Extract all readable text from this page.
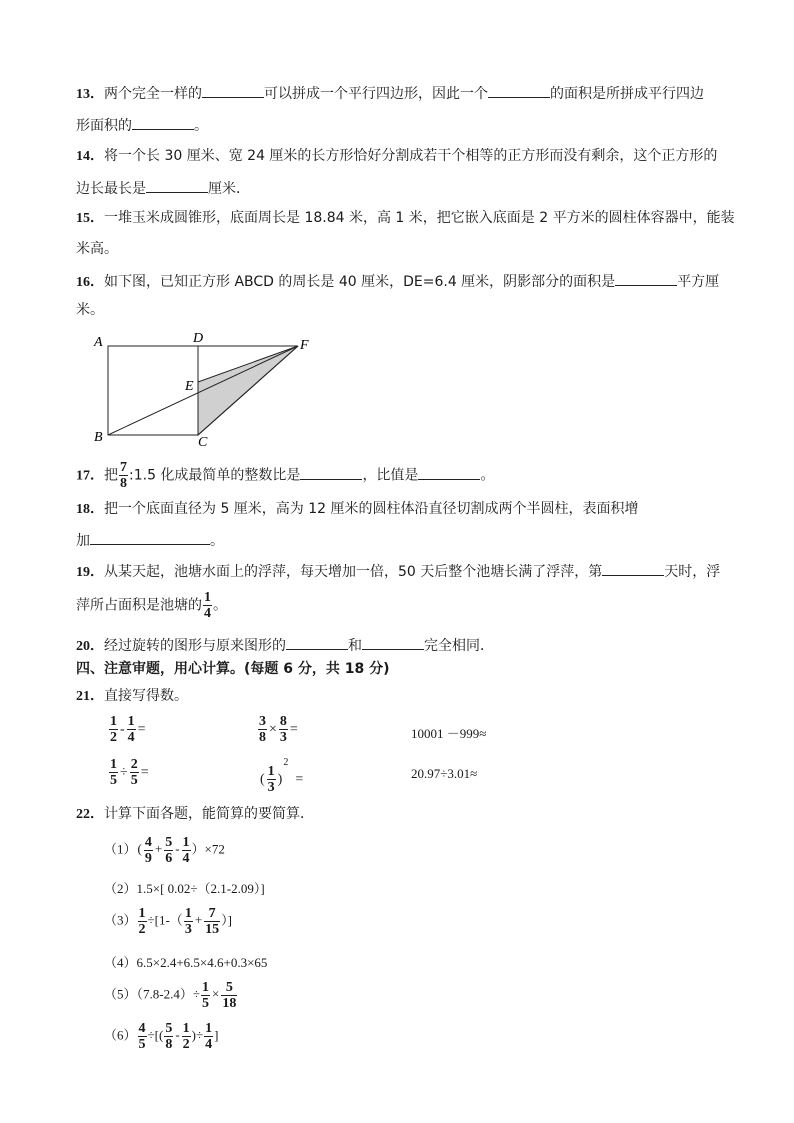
13．两个完全一样的	可以拼成一个平行四边形，因此一个	的面积是所拼成平行四边
形面积的	。
14．将一个长 30 厘米、宽 24 厘米的长方形恰好分割成若干个相等的正方形而没有剩余，这个正方形的
边长最长是	厘米．
15．一堆玉米成圆锥形，底面周长是 18.84 米，高 1 米，把它嵌入底面是 2 平方米的圆柱体容器中，能装
米高。
16．如下图，已知正方形 ABCD 的周长是 40 厘米，DE=6.4 厘米，阴影部分的面积是	平方厘
米。
A
B	C
D
E
F
17．把 $\frac{7}{8}$ :1.5 化成最简单的整数比是	，比值是	。
18．把一个底面直径为 5 厘米，高为 12 厘米的圆柱体沿直径切割成两个半圆柱，表面积增
加	。
19．从某天起，池塘水面上的浮萍，每天增加一倍，50 天后整个池塘长满了浮萍，第	天时，浮
萍所占面积是池塘的 $\frac{1}{4}$ 。
20．经过旋转的图形与原来图形的	和	完全相同．
四、注意审题，用心计算。(每题 6 分，共 18 分)
21．直接写得数。
$\frac{1}{2} - \frac{1}{4}$ =	$\frac{3}{8} \times \frac{8}{3}$ =	10001 －999≈
$\frac{1}{5} \div \frac{2}{5}$ =	( $\frac{1}{3} )^2=$	20.97÷3.01≈
22．计算下面各题，能简算的要简算．
$(1)( \frac{4}{9} + \frac{5}{6} - \frac{1}{4} )\times 72$
（2）1.5×[ 0.02÷（2.1-2.09）]
$(3) \frac{1}{2} \div[1-( \frac{1}{3} + \frac{7}{15}$ ）]
（4）6.5×2.4+6.5×4.6+0.3×65
$(5)(7.8-2.4)\div \frac{1}{5} \times \frac{5}{18}$
$(6) \frac{4}{5}$ ÷[( $\frac{5}{8} - \frac{1}{2}$ )÷ $\frac{1}{4}$ ]
